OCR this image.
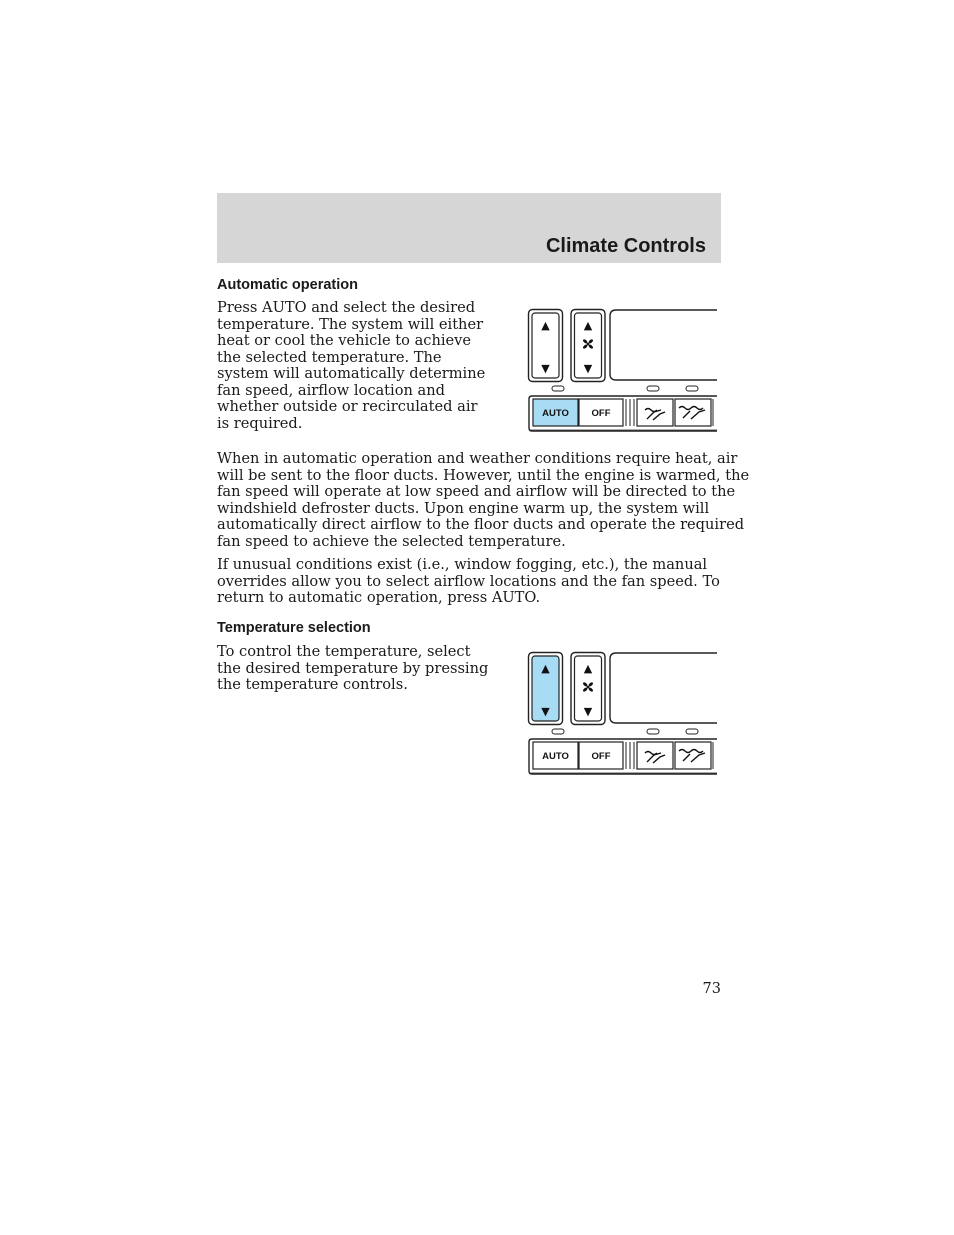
Climate Controls
Automatic operation
Press AUTO and select the desired
temperature. The system will either
heat or cool the vehicle to achieve
the selected temperature. The
system will automatically determine
fan speed, airflow location and
whether outside or recirculated air
is required.
When in automatic operation and weather conditions require heat, air
will be sent to the floor ducts. However, until the engine is warmed, the
fan speed will operate at low speed and airflow will be directed to the
windshield defroster ducts. Upon engine warm up, the system will
automatically direct airflow to the floor ducts and operate the required
fan speed to achieve the selected temperature.
If unusual conditions exist (i.e., window fogging, etc.), the manual
overrides allow you to select airflow locations and the fan speed. To
return to automatic operation, press AUTO.
Temperature selection
To control the temperature, select
the desired temperature by pressing
the temperature controls.
▲
▼
▲
▼
AUTO OFF
▲
▼
▲
▼
AUTO OFF
73
